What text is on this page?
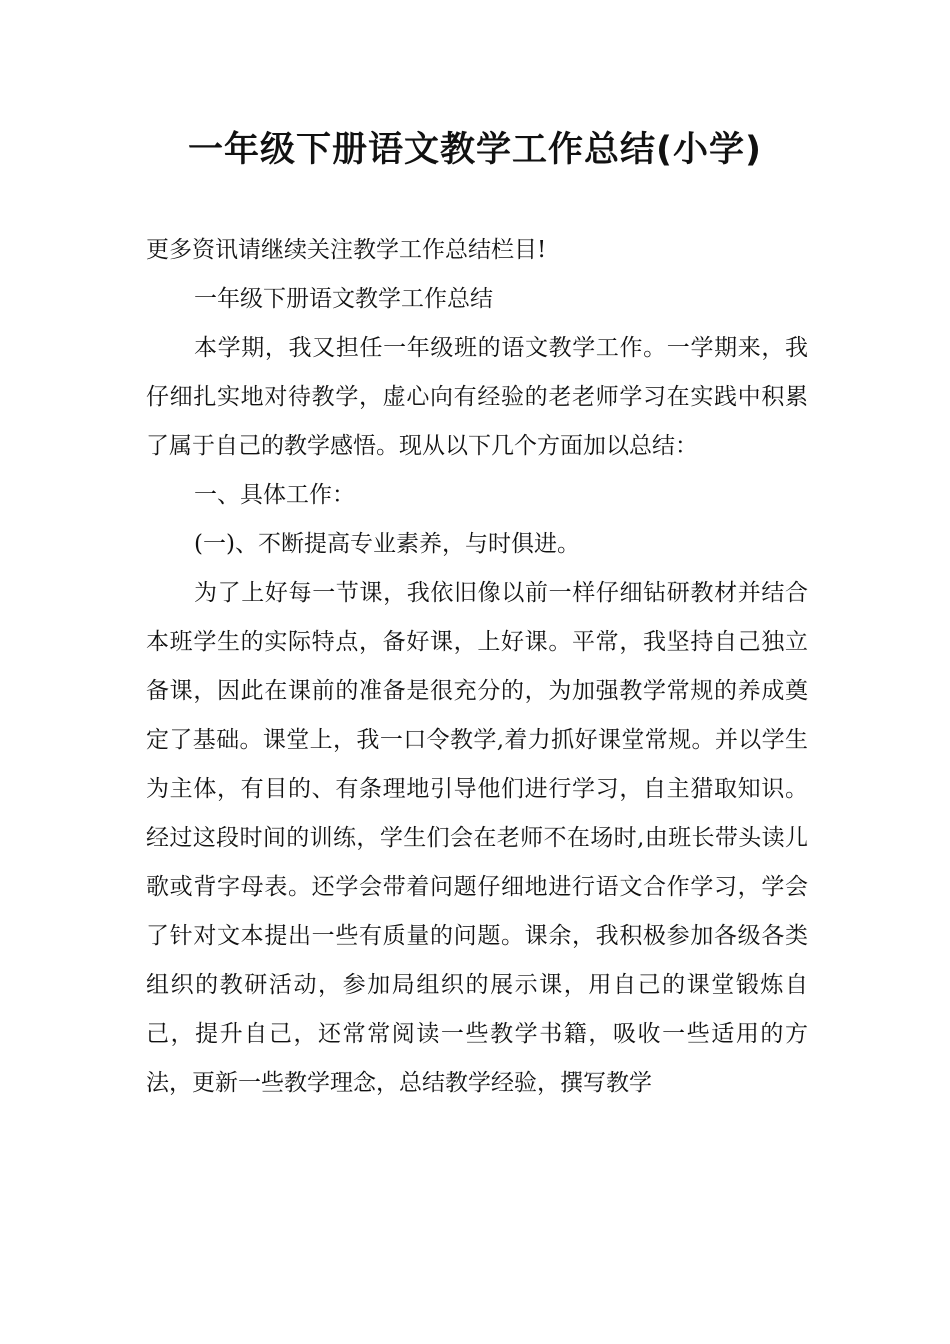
一年级下册语文教学工作总结(小学)

更多资讯请继续关注教学工作总结栏目!

一年级下册语文教学工作总结

本学期，我又担任一年级班的语文教学工作。一学期来，我仔细扎实地对待教学，虚心向有经验的老老师学习在实践中积累了属于自己的教学感悟。现从以下几个方面加以总结：

一、具体工作：

(一)、不断提高专业素养，与时俱进。

为了上好每一节课，我依旧像以前一样仔细钻研教材并结合本班学生的实际特点，备好课，上好课。平常，我坚持自己独立备课，因此在课前的准备是很充分的，为加强教学常规的养成奠定了基础。课堂上，我一口令教学,着力抓好课堂常规。并以学生为主体，有目的、有条理地引导他们进行学习，自主猎取知识。经过这段时间的训练，学生们会在老师不在场时,由班长带头读儿歌或背字母表。还学会带着问题仔细地进行语文合作学习，学会了针对文本提出一些有质量的问题。课余，我积极参加各级各类组织的教研活动，参加局组织的展示课，用自己的课堂锻炼自己，提升自己，还常常阅读一些教学书籍，吸收一些适用的方法，更新一些教学理念，总结教学经验，撰写教学
